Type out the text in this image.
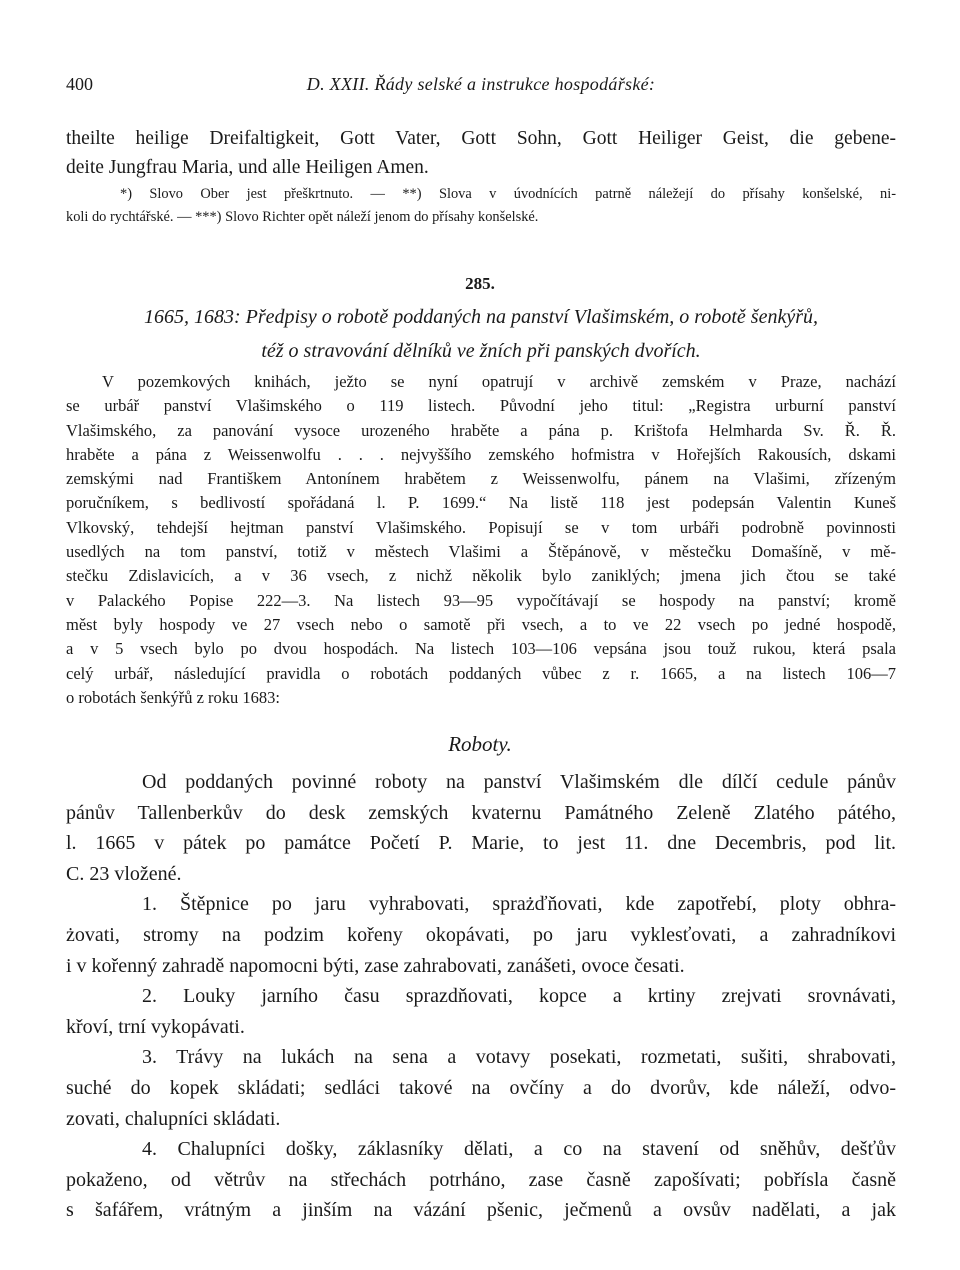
400	D. XXII. Řády selské a instrukce hospodářské:
theilte heilige Dreifaltigkeit, Gott Vater, Gott Sohn, Gott Heiliger Geist, die gebene-
deite Jungfrau Maria, und alle Heiligen Amen.
*) Slovo Ober jest přeškrtnuto. — **) Slova v úvodnících patrně náležejí do přísahy konšelské, ni-
koli do rychtářské. — ***) Slovo Richter opět náleží jenom do přísahy konšelské.
285.
1665, 1683: Předpisy o robotě poddaných na panství Vlašimském, o robotě šenkýřů,
též o stravování dělníků ve žních při panských dvořích.
V pozemkových knihách, ježto se nyní opatrují v archivě zemském v Praze, nachází
se urbář panství Vlašimského o 119 listech. Původní jeho titul: „Registra urburní panství
Vlašimského, za panování vysoce urozeného hraběte a pána p. Krištofa Helmharda Sv. Ř. Ř.
hraběte a pána z Weissenwolfu . . . nejvyššího zemského hofmistra v Hořejších Rakousích, dskami
zemskými nad Františkem Antonínem hrabětem z Weissenwolfu, pánem na Vlašimi, zřízeným
poručníkem, s bedlivostí spořádaná l. P. 1699.“ Na listě 118 jest podepsán Valentin Kuneš
Vlkovský, tehdejší hejtman panství Vlašimského. Popisují se v tom urbáři podrobně povinnosti
usedlých na tom panství, totiž v městech Vlašimi a Štěpánově, v městečku Domašíně, v mě-
stečku Zdislavicích, a v 36 vsech, z nichž několik bylo zaniklých; jmena jich čtou se také
v Palackého Popise 222—3. Na listech 93—95 vypočítávají se hospody na panství; kromě
měst byly hospody ve 27 vsech nebo o samotě při vsech, a to ve 22 vsech po jedné hospodě,
a v 5 vsech bylo po dvou hospodách. Na listech 103—106 vepsána jsou touž rukou, která psala
celý urbář, následující pravidla o robotách poddaných vůbec z r. 1665, a na listech 106—7
o robotách šenkýřů z roku 1683:
Roboty.
Od poddaných povinné roboty na panství Vlašimském dle dílčí cedule pánův
pánův Tallenberkův do desk zemských kvaternu Památného Zeleně Zlatého pátého,
l. 1665 v pátek po památce Početí P. Marie, to jest 11. dne Decembris, pod lit.
C. 23 vložené.
1. Štěpnice po jaru vyhrabovati, sprażďňovati, kde zapotřebí, ploty obhra-
żovati, stromy na podzim kořeny okopávati, po jaru vyklesťovati, a zahradníkovi
i v kořenný zahradě napomocni býti, zase zahrabovati, zanášeti, ovoce česati.
2. Louky jarního času sprazdňovati, kopce a krtiny zrejvati srovnávati,
křoví, trní vykopávati.
3. Trávy na lukách na sena a votavy posekati, rozmetati, sušiti, shrabovati,
suché do kopek skládati; sedláci takové na ovčíny a do dvorův, kde náleží, odvo-
zovati, chalupníci skládati.
4. Chalupníci došky, záklasníky dělati, a co na stavení od sněhův, dešťův
pokaženo, od větrův na střechách potrháno, zase časně zapošívati; pobřísla časně
s šafářem, vrátným a jinším na vázání pšenic, ječmenů a ovsův nadělati, a jak
